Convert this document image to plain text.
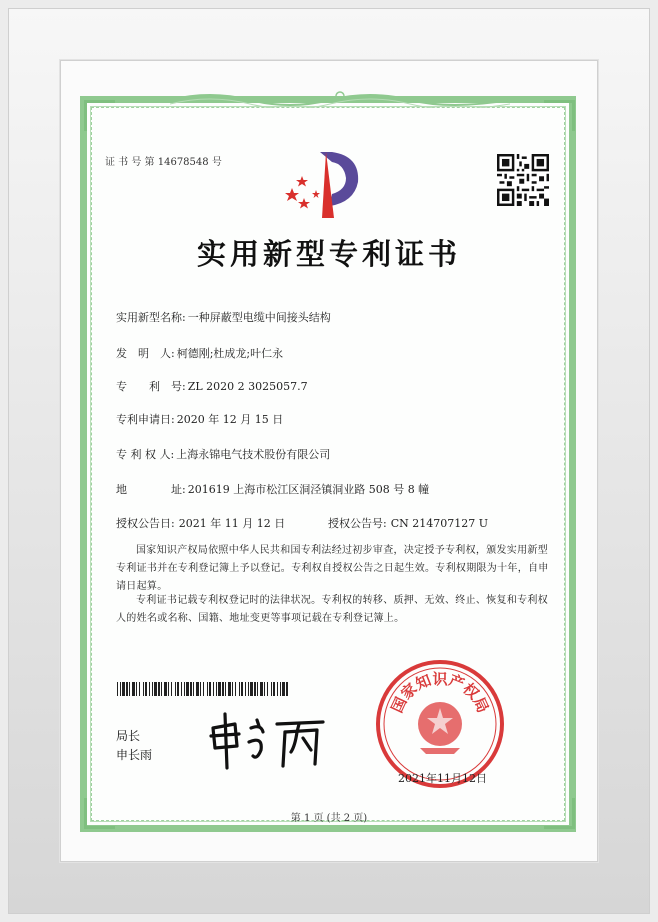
证 书 号 第 14678548 号
实用新型专利证书
实用新型名称: 一种屏蔽型电缆中间接头结构
发　明　人: 柯德刚;杜成龙;叶仁永
专　　利　号: ZL 2020 2 3025057.7
专利申请日: 2020 年 12 月 15 日
专 利 权 人: 上海永锦电气技术股份有限公司
地　　　　址: 201619 上海市松江区洞泾镇洞业路 508 号 8 幢
授权公告日: 2021 年 11 月 12 日	授权公告号: CN 214707127 U
国家知识产权局依照中华人民共和国专利法经过初步审查，决定授予专利权，颁发实用新型专利证书并在专利登记簿上予以登记。专利权自授权公告之日起生效。专利权期限为十年，自申请日起算。
专利证书记载专利权登记时的法律状况。专利权的转移、质押、无效、终止、恢复和专利权人的姓名或名称、国籍、地址变更等事项记载在专利登记簿上。
局长
申长雨
国
家
知
识
产
权
局
2021年11月12日
第 1 页 (共 2 页)
